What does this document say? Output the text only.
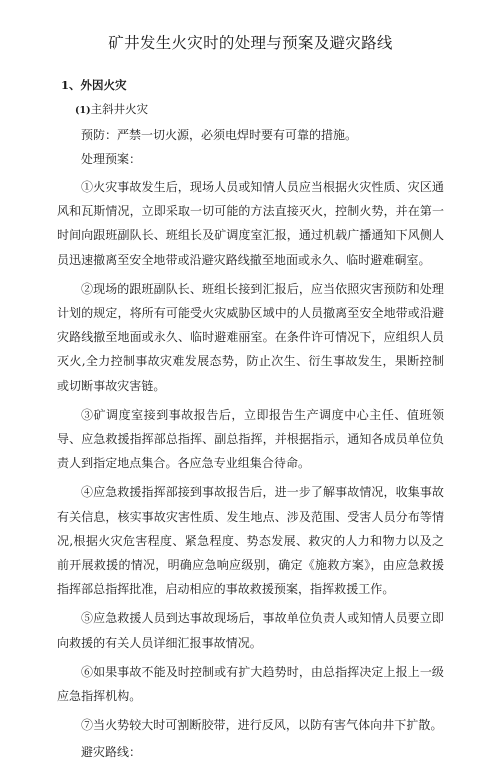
矿井发生火灾时的处理与预案及避灾路线
1、外因火灾
(1)主斜井火灾
预防：严禁一切火源，必须电焊时要有可靠的措施。
处理预案：
①火灾事故发生后，现场人员或知情人员应当根据火灾性质、灾区通风和瓦斯情况，立即采取一切可能的方法直接灭火，控制火势，并在第一时间向跟班副队长、班组长及矿调度室汇报，通过机载广播通知下风侧人员迅速撤离至安全地带或沿避灾路线撤至地面或永久、临时避难硐室。
②现场的跟班副队长、班组长接到汇报后，应当依照灾害预防和处理计划的规定，将所有可能受火灾威胁区域中的人员撤离至安全地带或沿避灾路线撤至地面或永久、临时避难丽室。在条件许可情况下，应组织人员灭火,全力控制事故灾难发展态势，防止次生、衍生事故发生，果断控制或切断事故灾害链。
③矿调度室接到事故报告后，立即报告生产调度中心主任、值班领导、应急救援指挥部总指挥、副总指挥，并根据指示，通知各成员单位负责人到指定地点集合。各应急专业组集合待命。
④应急救援指挥部接到事故报告后，进一步了解事故情况，收集事故有关信息，核实事故灾害性质、发生地点、涉及范围、受害人员分布等情况,根据火灾危害程度、紧急程度、势态发展、救灾的人力和物力以及之前开展救援的情况，明确应急响应级别，确定《施救方案》，由应急救援指挥部总指挥批准，启动相应的事故救援预案，指挥救援工作。
⑤应急救援人员到达事故现场后，事故单位负责人或知情人员要立即向救援的有关人员详细汇报事故情况。
⑥如果事故不能及时控制或有扩大趋势时，由总指挥决定上报上一级应急指挥机构。
⑦当火势较大时可割断胶带，进行反风，以防有害气体向井下扩散。
避灾路线：
